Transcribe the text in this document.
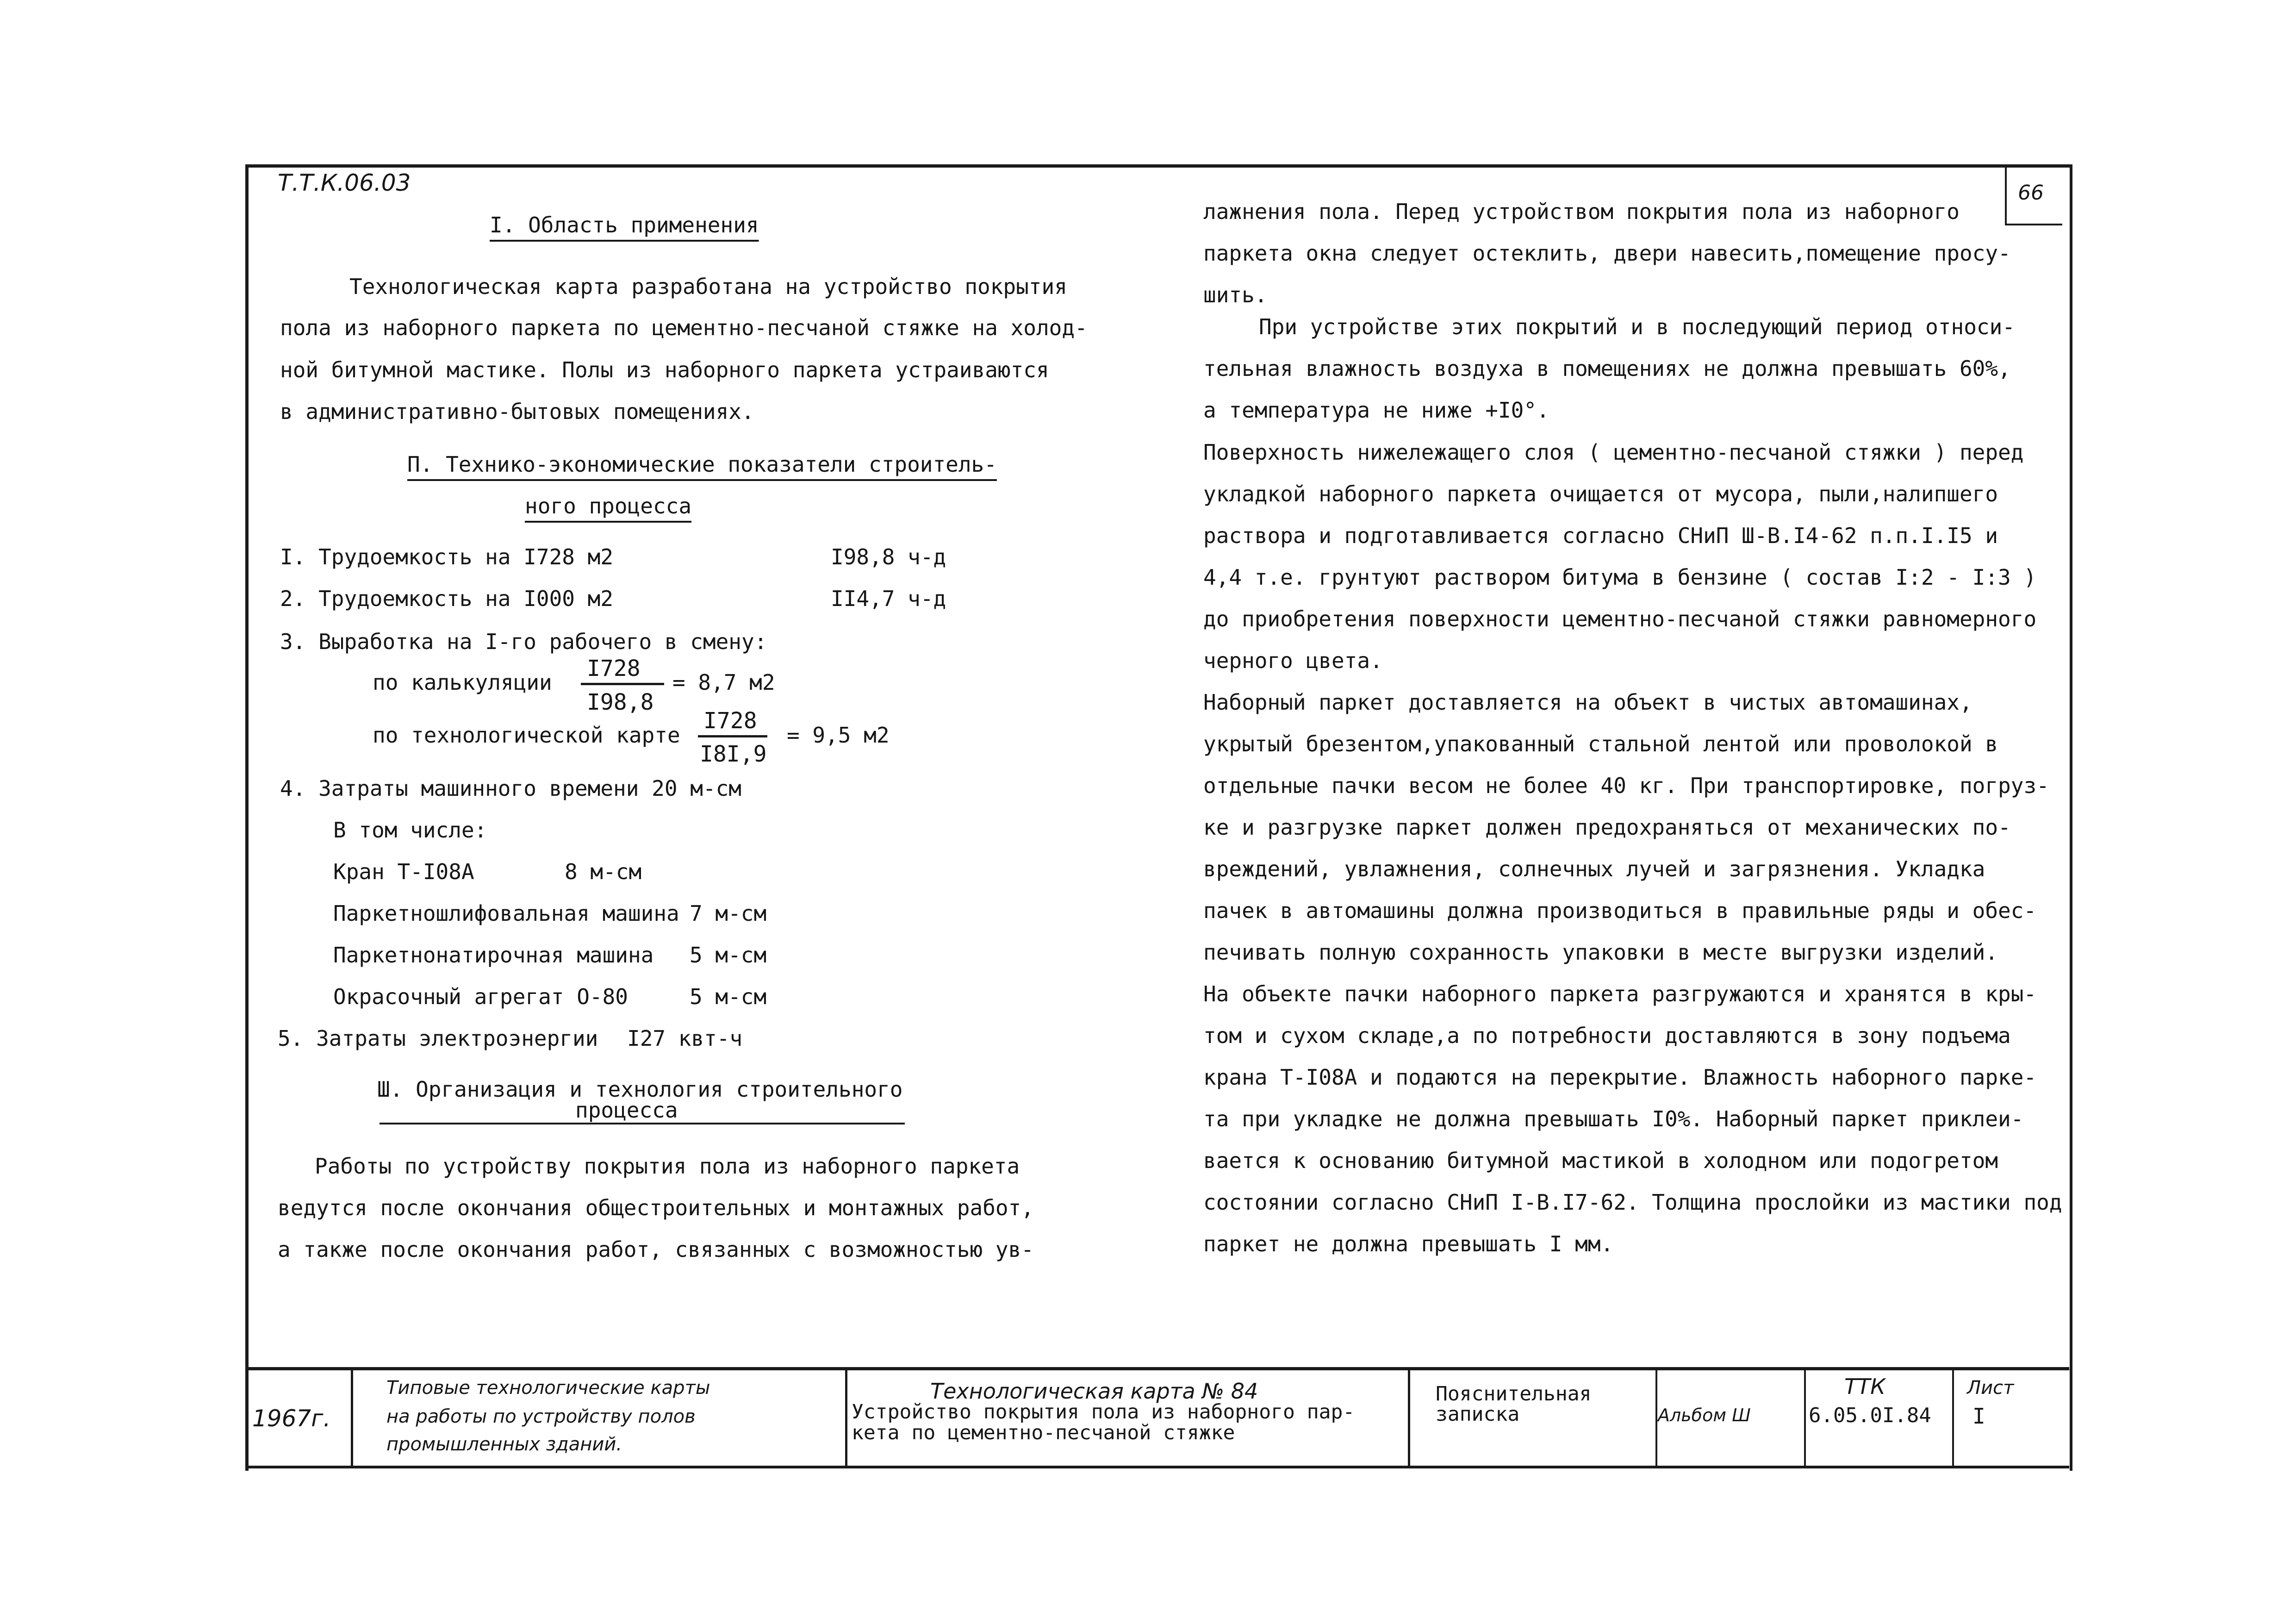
Т.Т.К.06.03	66
I. Область применения
Технологическая карта разработана на устройство покрытия
пола из наборного паркета по цементно-песчаной стяжке на холод-
ной битумной мастике. Полы из наборного паркета устраиваются
в административно-бытовых помещениях.
П. Технико-экономические показатели строитель-
ного процесса
I. Трудоемкость на I728 м2	I98,8 ч-д
2. Трудоемкость на I000 м2	II4,7 ч-д
3. Выработка на I-го рабочего в смену:
по калькуляции
I728
I98,8
= 8,7 м2
по технологической карте
I728
I8I,9
= 9,5 м2
4. Затраты машинного времени 20 м-см
В том числе:
Кран Т-I08А	8 м-см
Паркетношлифовальная машина 7 м-см
Паркетнонатирочная машина 5 м-см
Окрасочный агрегат О-80	5 м-см
5. Затраты электроэнергии I27 квт-ч
Ш. Организация и технология строительного
процесса
Работы по устройству покрытия пола из наборного паркета
ведутся после окончания общестроительных и монтажных работ,
а также после окончания работ, связанных с возможностью ув-
лажнения пола. Перед устройством покрытия пола из наборного
паркета окна следует остеклить, двери навесить,помещение просу-
шить.
При устройстве этих покрытий и в последующий период относи-
тельная влажность воздуха в помещениях не должна превышать 60%,
а температура не ниже +I0°.
Поверхность нижележащего слоя ( цементно-песчаной стяжки ) перед
укладкой наборного паркета очищается от мусора, пыли,налипшего
раствора и подготавливается согласно СНиП Ш-В.I4-62 п.п.I.I5 и
4,4 т.е. грунтуют раствором битума в бензине ( состав I:2 - I:3 )
до приобретения поверхности цементно-песчаной стяжки равномерного
черного цвета.
Наборный паркет доставляется на объект в чистых автомашинах,
укрытый брезентом,упакованный стальной лентой или проволокой в
отдельные пачки весом не более 40 кг. При транспортировке, погруз-
ке и разгрузке паркет должен предохраняться от механических по-
вреждений, увлажнения, солнечных лучей и загрязнения. Укладка
пачек в автомашины должна производиться в правильные ряды и обес-
печивать полную сохранность упаковки в месте выгрузки изделий.
На объекте пачки наборного паркета разгружаются и хранятся в кры-
том и сухом складе,а по потребности доставляются в зону подъема
крана Т-I08А и подаются на перекрытие. Влажность наборного парке-
та при укладке не должна превышать I0%. Наборный паркет приклеи-
вается к основанию битумной мастикой в холодном или подогретом
состоянии согласно СНиП I-В.I7-62. Толщина прослойки из мастики под
паркет не должна превышать I мм.
1967г.
Типовые технологические карты
на работы по устройству полов
промышленных зданий.
Технологическая карта № 84
Устройство покрытия пола из наборного пар-
кета по цементно-песчаной стяжке
Пояснительная
записка	Альбом Ш
ТТК
6.05.0I.84
Лист
I
